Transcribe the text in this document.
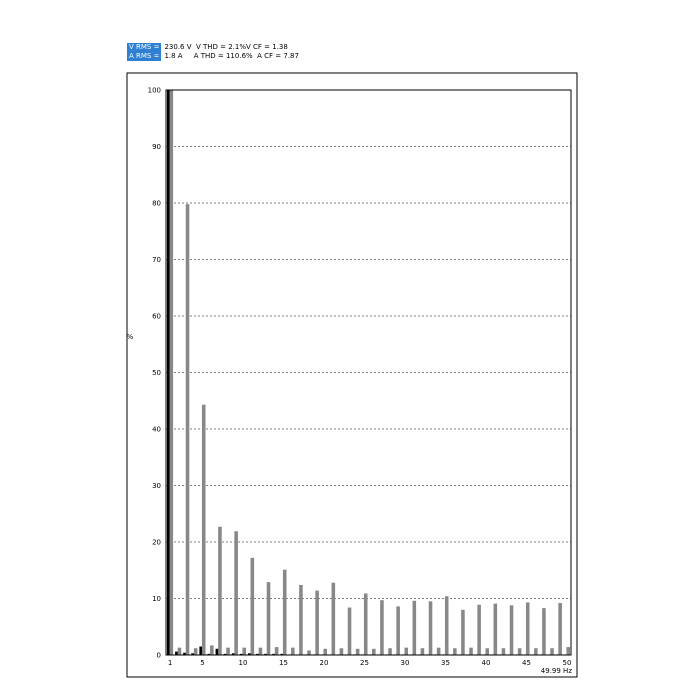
V RMS = 230.6 V  V THD = 2.1%V CF = 1.38
A RMS = 1.8 A     A THD = 110.6%  A CF = 7.87
0
10
20
30
40
50
60
70
80
90
100
1	5	10	15	20	25	30	35	40	45	50
%
49.99 Hz
